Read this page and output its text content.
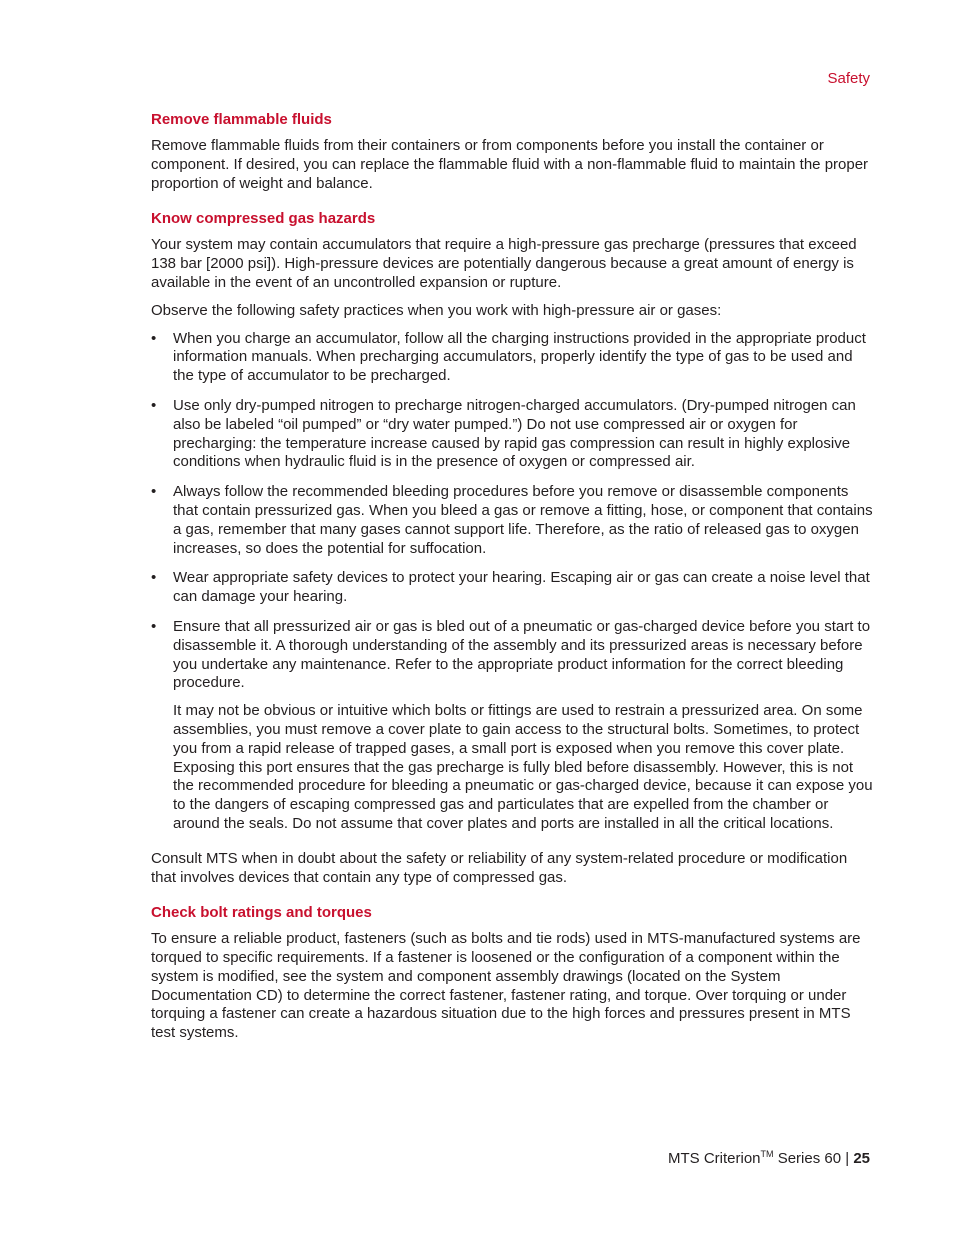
Safety
Remove flammable fluids

Remove flammable fluids from their containers or from components before you install the container or component. If desired, you can replace the flammable fluid with a non-flammable fluid to maintain the proper proportion of weight and balance.

Know compressed gas hazards

Your system may contain accumulators that require a high-pressure gas precharge (pressures that exceed 138 bar [2000 psi]). High-pressure devices are potentially dangerous because a great amount of energy is available in the event of an uncontrolled expansion or rupture.

Observe the following safety practices when you work with high-pressure air or gases:

• When you charge an accumulator, follow all the charging instructions provided in the appropriate product information manuals. When precharging accumulators, properly identify the type of gas to be used and the type of accumulator to be precharged.
• Use only dry-pumped nitrogen to precharge nitrogen-charged accumulators. (Dry-pumped nitrogen can also be labeled “oil pumped” or “dry water pumped.”) Do not use compressed air or oxygen for precharging: the temperature increase caused by rapid gas compression can result in highly explosive conditions when hydraulic fluid is in the presence of oxygen or compressed air.
• Always follow the recommended bleeding procedures before you remove or disassemble components that contain pressurized gas. When you bleed a gas or remove a fitting, hose, or component that contains a gas, remember that many gases cannot support life. Therefore, as the ratio of released gas to oxygen increases, so does the potential for suffocation.
• Wear appropriate safety devices to protect your hearing. Escaping air or gas can create a noise level that can damage your hearing.
• Ensure that all pressurized air or gas is bled out of a pneumatic or gas-charged device before you start to disassemble it. A thorough understanding of the assembly and its pressurized areas is necessary before you undertake any maintenance. Refer to the appropriate product information for the correct bleeding procedure.

It may not be obvious or intuitive which bolts or fittings are used to restrain a pressurized area. On some assemblies, you must remove a cover plate to gain access to the structural bolts. Sometimes, to protect you from a rapid release of trapped gases, a small port is exposed when you remove this cover plate. Exposing this port ensures that the gas precharge is fully bled before disassembly. However, this is not the recommended procedure for bleeding a pneumatic or gas-charged device, because it can expose you to the dangers of escaping compressed gas and particulates that are expelled from the chamber or around the seals. Do not assume that cover plates and ports are installed in all the critical locations.

Consult MTS when in doubt about the safety or reliability of any system-related procedure or modification that involves devices that contain any type of compressed gas.

Check bolt ratings and torques

To ensure a reliable product, fasteners (such as bolts and tie rods) used in MTS-manufactured systems are torqued to specific requirements. If a fastener is loosened or the configuration of a component within the system is modified, see the system and component assembly drawings (located on the System Documentation CD) to determine the correct fastener, fastener rating, and torque. Over torquing or under torquing a fastener can create a hazardous situation due to the high forces and pressures present in MTS test systems.

MTS Criterion™ Series 60 | 25
